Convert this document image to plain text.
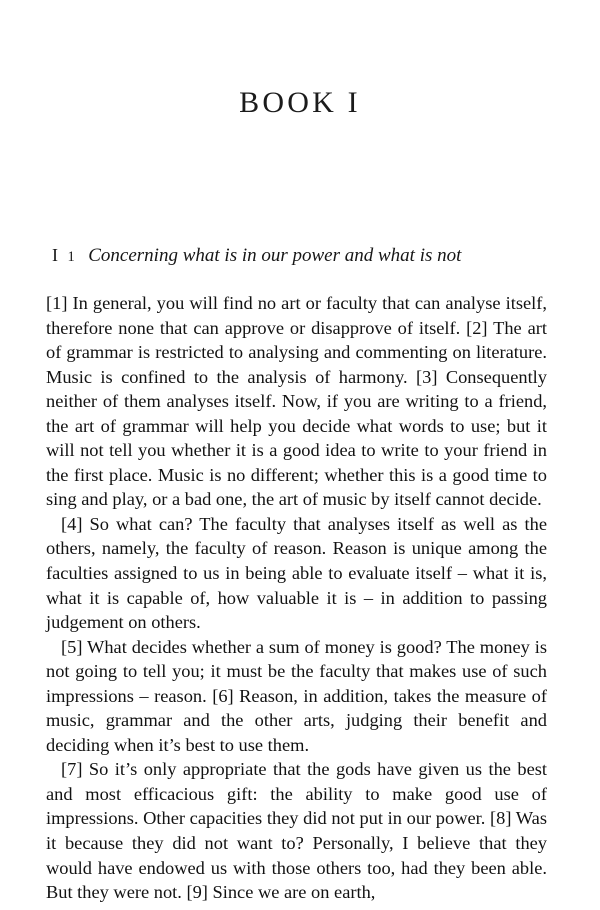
BOOK I
I 1 Concerning what is in our power and what is not

[1] In general, you will find no art or faculty that can analyse itself, therefore none that can approve or disapprove of itself. [2] The art of grammar is restricted to analysing and commenting on literature. Music is confined to the analysis of harmony. [3] Consequently neither of them analyses itself. Now, if you are writing to a friend, the art of grammar will help you decide what words to use; but it will not tell you whether it is a good idea to write to your friend in the first place. Music is no different; whether this is a good time to sing and play, or a bad one, the art of music by itself cannot decide.

[4] So what can? The faculty that analyses itself as well as the others, namely, the faculty of reason. Reason is unique among the faculties assigned to us in being able to evaluate itself – what it is, what it is capable of, how valuable it is – in addition to passing judgement on others.

[5] What decides whether a sum of money is good? The money is not going to tell you; it must be the faculty that makes use of such impressions – reason. [6] Reason, in addition, takes the measure of music, grammar and the other arts, judging their benefit and deciding when it’s best to use them.

[7] So it’s only appropriate that the gods have given us the best and most efficacious gift: the ability to make good use of impressions. Other capacities they did not put in our power. [8] Was it because they did not want to? Personally, I believe that they would have endowed us with those others too, had they been able. But they were not. [9] Since we are on earth,
